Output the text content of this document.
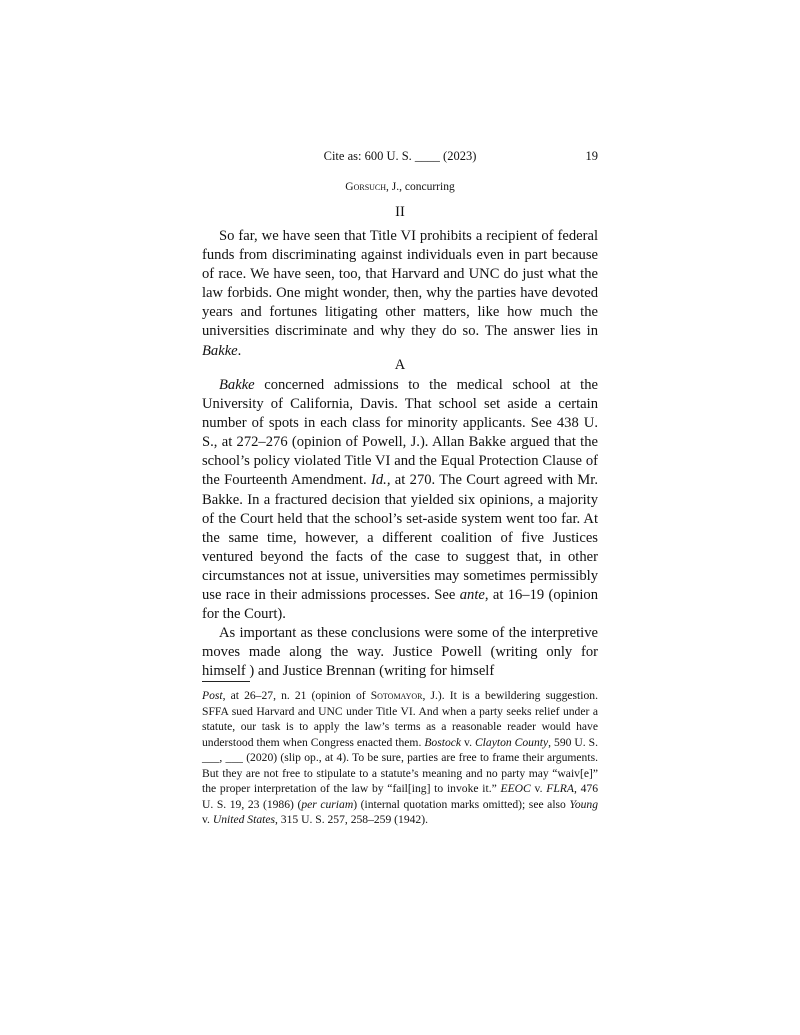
Cite as: 600 U. S. ____ (2023)	19
Gorsuch, J., concurring
II

So far, we have seen that Title VI prohibits a recipient of federal funds from discriminating against individuals even in part because of race. We have seen, too, that Harvard and UNC do just what the law forbids. One might wonder, then, why the parties have devoted years and fortunes litigating other matters, like how much the universities discriminate and why they do so. The answer lies in Bakke.

A

Bakke concerned admissions to the medical school at the University of California, Davis. That school set aside a certain number of spots in each class for minority applicants. See 438 U. S., at 272–276 (opinion of Powell, J.). Allan Bakke argued that the school’s policy violated Title VI and the Equal Protection Clause of the Fourteenth Amendment. Id., at 270. The Court agreed with Mr. Bakke. In a fractured decision that yielded six opinions, a majority of the Court held that the school’s set-aside system went too far. At the same time, however, a different coalition of five Justices ventured beyond the facts of the case to suggest that, in other circumstances not at issue, universities may sometimes permissibly use race in their admissions processes. See ante, at 16–19 (opinion for the Court).

As important as these conclusions were some of the interpretive moves made along the way. Justice Powell (writing only for himself ) and Justice Brennan (writing for himself

Post, at 26–27, n. 21 (opinion of Sotomayor, J.). It is a bewildering suggestion. SFFA sued Harvard and UNC under Title VI. And when a party seeks relief under a statute, our task is to apply the law’s terms as a reasonable reader would have understood them when Congress enacted them. Bostock v. Clayton County, 590 U. S. ___, ___ (2020) (slip op., at 4). To be sure, parties are free to frame their arguments. But they are not free to stipulate to a statute’s meaning and no party may “waiv[e]” the proper interpretation of the law by “fail[ing] to invoke it.” EEOC v. FLRA, 476 U. S. 19, 23 (1986) (per curiam) (internal quotation marks omitted); see also Young v. United States, 315 U. S. 257, 258–259 (1942).
